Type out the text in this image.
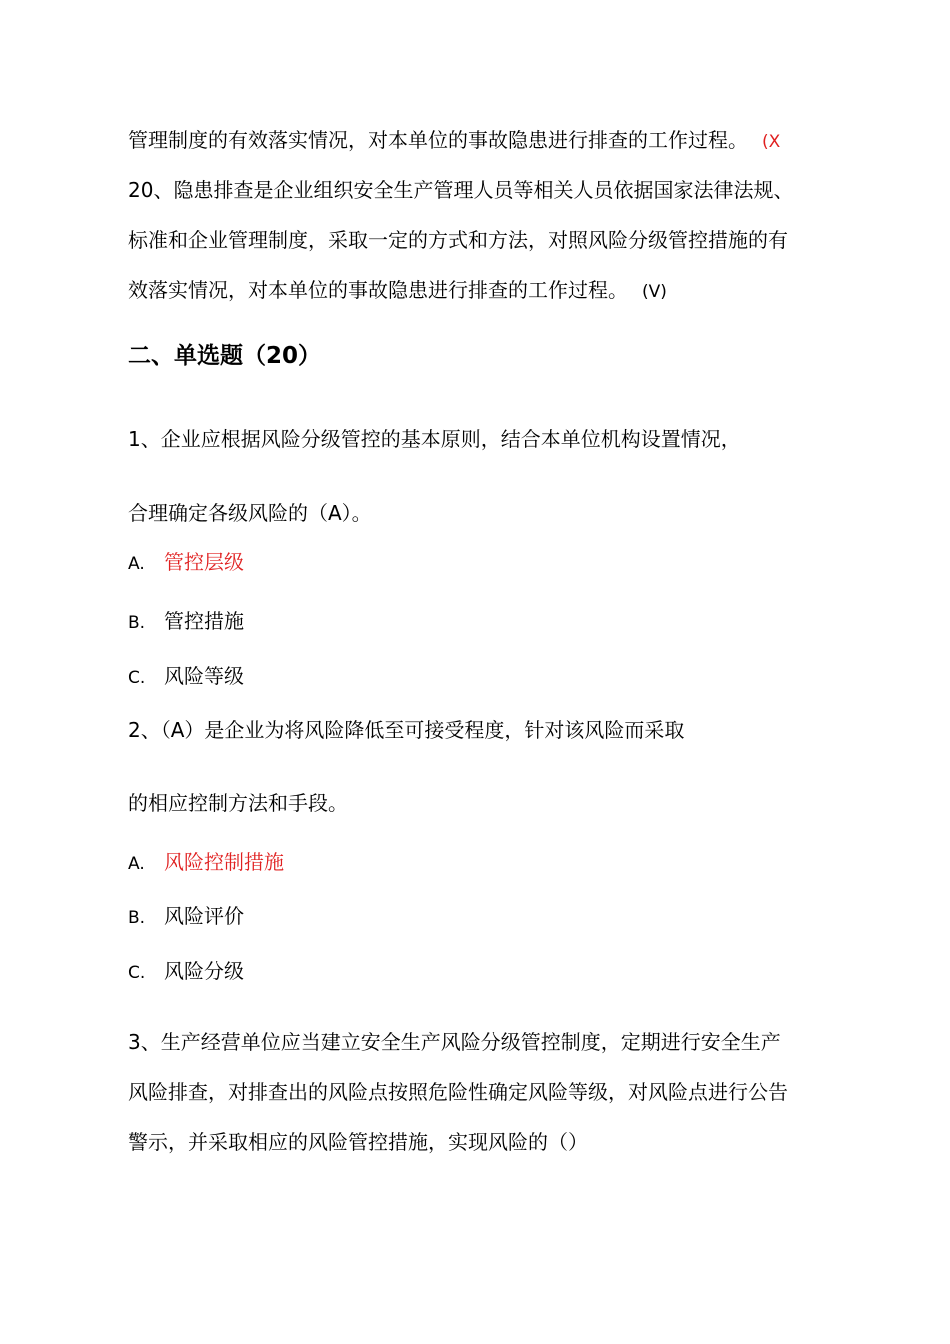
管理制度的有效落实情况，对本单位的事故隐患进行排查的工作过程。 (X
20、隐患排查是企业组织安全生产管理人员等相关人员依据国家法律法规、
标准和企业管理制度，采取一定的方式和方法，对照风险分级管控措施的有
效落实情况，对本单位的事故隐患进行排查的工作过程。 (V)
二、单选题（20）
1、企业应根据风险分级管控的基本原则，结合本单位机构设置情况，
合理确定各级风险的（A）。
A. 管控层级
B. 管控措施
C. 风险等级
2、（A）是企业为将风险降低至可接受程度，针对该风险而采取
的相应控制方法和手段。
A. 风险控制措施
B. 风险评价
C. 风险分级
3、生产经营单位应当建立安全生产风险分级管控制度，定期进行安全生产
风险排查，对排查出的风险点按照危险性确定风险等级，对风险点进行公告
警示，并采取相应的风险管控措施，实现风险的（）
